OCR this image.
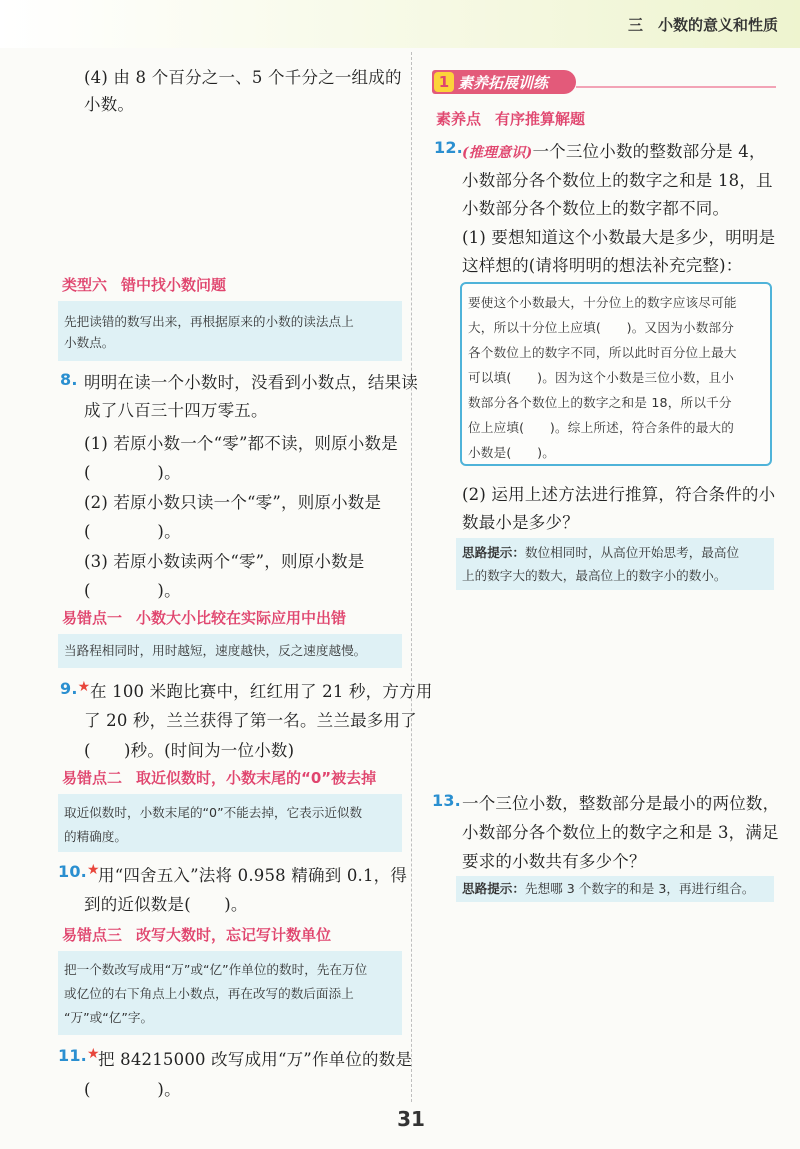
三　小数的意义和性质
(4) 由 8 个百分之一、5 个千分之一组成的
小数。
类型六 错中找小数问题
先把读错的数写出来，再根据原来的小数的读法点上
小数点。
8. 明明在读一个小数时，没看到小数点，结果读
成了八百三十四万零五。
(1) 若原小数一个“零”都不读，则原小数是
(　　　　)。
(2) 若原小数只读一个“零”，则原小数是
(　　　　)。
(3) 若原小数读两个“零”，则原小数是
(　　　　)。
易错点一 小数大小比较在实际应用中出错
当路程相同时，用时越短，速度越快，反之速度越慢。
9.★ 在 100 米跑比赛中，红红用了 21 秒，方方用
了 20 秒，兰兰获得了第一名。兰兰最多用了
(　　)秒。(时间为一位小数)
易错点二 取近似数时，小数末尾的“0”被去掉
取近似数时，小数末尾的“0”不能去掉，它表示近似数
的精确度。
10.★
用“四舍五入”法将 0.958 精确到 0.1，得
到的近似数是(　　)。
易错点三 改写大数时，忘记写计数单位
把一个数改写成用“万”或“亿”作单位的数时，先在万位
或亿位的右下角点上小数点，再在改写的数后面添上
“万”或“亿”字。
11.★
把 84215000 改写成用“万”作单位的数是
(　　　　)。
1 素养拓展训练
素养点 有序推算解题
12. (推理意识)一个三位小数的整数部分是 4，
小数部分各个数位上的数字之和是 18，且
小数部分各个数位上的数字都不同。
(1) 要想知道这个小数最大是多少，明明是
这样想的(请将明明的想法补充完整)：
要使这个小数最大，十分位上的数字应该尽可能
大，所以十分位上应填(　　)。又因为小数部分
各个数位上的数字不同，所以此时百分位上最大
可以填(　　)。因为这个小数是三位小数，且小
数部分各个数位上的数字之和是 18，所以千分
位上应填(　　)。综上所述，符合条件的最大的
小数是(　　)。
(2) 运用上述方法进行推算，符合条件的小
数最小是多少？
思路提示：数位相同时，从高位开始思考，最高位
上的数字大的数大，最高位上的数字小的数小。
13. 一个三位小数，整数部分是最小的两位数，
小数部分各个数位上的数字之和是 3，满足
要求的小数共有多少个？
思路提示：先想哪 3 个数字的和是 3，再进行组合。
31
